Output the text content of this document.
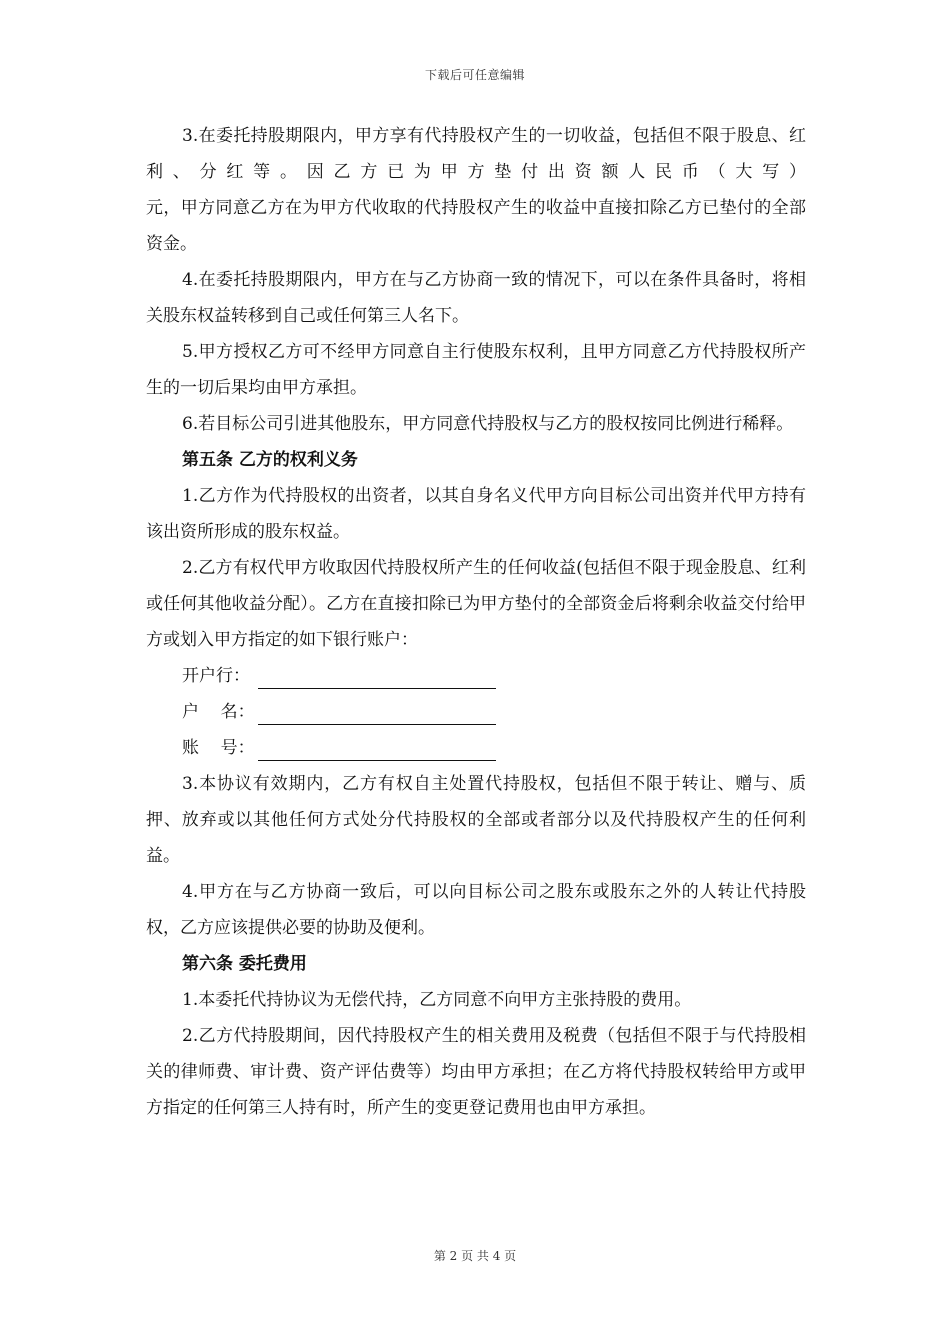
下载后可任意编辑

3.在委托持股期限内，甲方享有代持股权产生的一切收益，包括但不限于股息、红利、分红等。因乙方已为甲方垫付出资额人民币（大写）

元，甲方同意乙方在为甲方代收取的代持股权产生的收益中直接扣除乙方已垫付的全部资金。

4.在委托持股期限内，甲方在与乙方协商一致的情况下，可以在条件具备时，将相关股东权益转移到自己或任何第三人名下。

5.甲方授权乙方可不经甲方同意自主行使股东权利，且甲方同意乙方代持股权所产生的一切后果均由甲方承担。

6.若目标公司引进其他股东，甲方同意代持股权与乙方的股权按同比例进行稀释。

第五条 乙方的权利义务

1.乙方作为代持股权的出资者，以其自身名义代甲方向目标公司出资并代甲方持有该出资所形成的股东权益。

2.乙方有权代甲方收取因代持股权所产生的任何收益(包括但不限于现金股息、红利或任何其他收益分配）。乙方在直接扣除已为甲方垫付的全部资金后将剩余收益交付给甲方或划入甲方指定的如下银行账户：

开户行：
户    名：
账    号：

3.本协议有效期内，乙方有权自主处置代持股权，包括但不限于转让、赠与、质押、放弃或以其他任何方式处分代持股权的全部或者部分以及代持股权产生的任何利益。

4.甲方在与乙方协商一致后，可以向目标公司之股东或股东之外的人转让代持股权，乙方应该提供必要的协助及便利。

第六条 委托费用

1.本委托代持协议为无偿代持，乙方同意不向甲方主张持股的费用。

2.乙方代持股期间，因代持股权产生的相关费用及税费（包括但不限于与代持股相关的律师费、审计费、资产评估费等）均由甲方承担；在乙方将代持股权转给甲方或甲方指定的任何第三人持有时，所产生的变更登记费用也由甲方承担。

第 2 页 共 4 页
